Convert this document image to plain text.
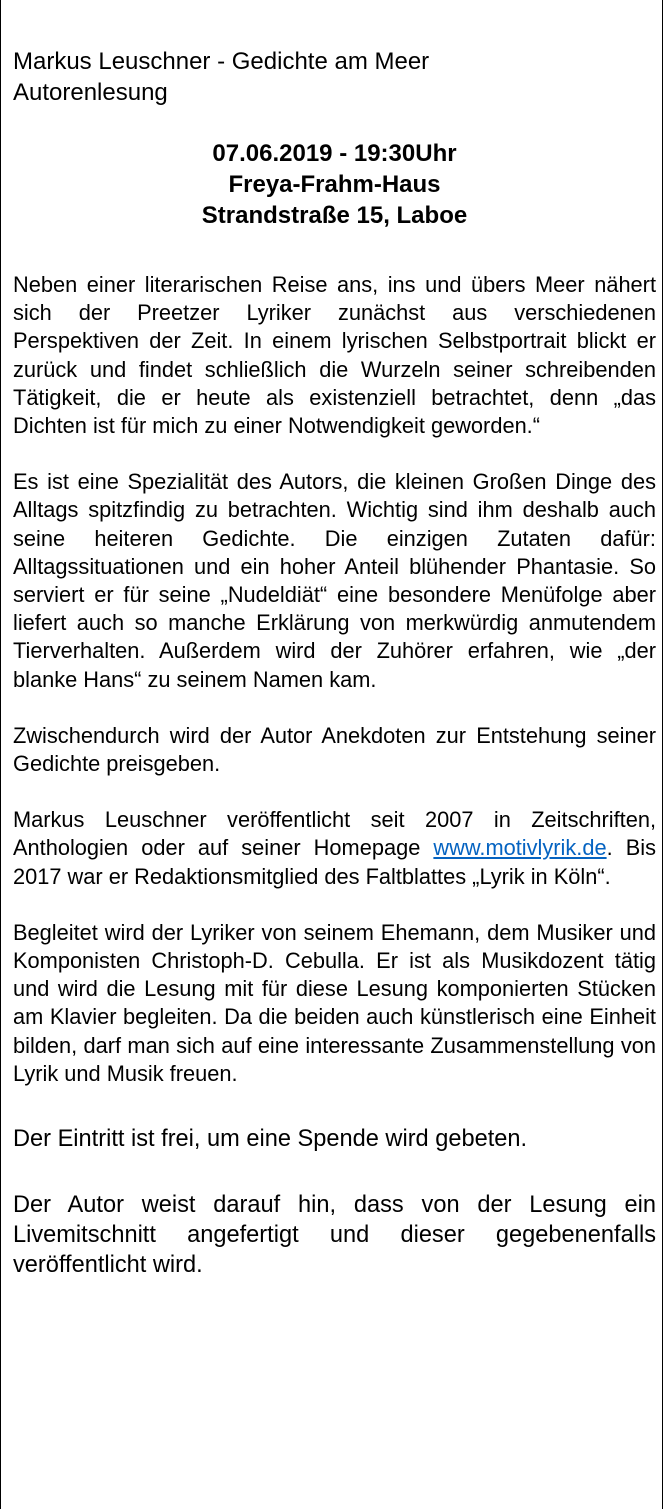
Markus Leuschner - Gedichte am Meer
Autorenlesung
07.06.2019 - 19:30Uhr
Freya-Frahm-Haus
Strandstraße 15, Laboe

Neben einer literarischen Reise ans, ins und übers Meer nähert sich der Preetzer Lyriker zunächst aus verschiedenen Perspektiven der Zeit. In einem lyrischen Selbstportrait blickt er zurück und findet schließlich die Wurzeln seiner schreibenden Tätigkeit, die er heute als existenziell betrachtet, denn „das Dichten ist für mich zu einer Notwendigkeit geworden.“

Es ist eine Spezialität des Autors, die kleinen Großen Dinge des Alltags spitzfindig zu betrachten. Wichtig sind ihm deshalb auch seine heiteren Gedichte. Die einzigen Zutaten dafür: Alltagssituationen und ein hoher Anteil blühender Phantasie. So serviert er für seine „Nudeldiät“ eine besondere Menüfolge aber liefert auch so manche Erklärung von merkwürdig anmutendem Tierverhalten. Außerdem wird der Zuhörer erfahren, wie „der blanke Hans“ zu seinem Namen kam.

Zwischendurch wird der Autor Anekdoten zur Entstehung seiner Gedichte preisgeben.

Markus Leuschner veröffentlicht seit 2007 in Zeitschriften, Anthologien oder auf seiner Homepage www.motivlyrik.de. Bis 2017 war er Redaktionsmitglied des Faltblattes „Lyrik in Köln“.

Begleitet wird der Lyriker von seinem Ehemann, dem Musiker und Komponisten Christoph-D. Cebulla. Er ist als Musikdozent tätig und wird die Lesung mit für diese Lesung komponierten Stücken am Klavier begleiten. Da die beiden auch künstlerisch eine Einheit bilden, darf man sich auf eine interessante Zusammenstellung von Lyrik und Musik freuen.

Der Eintritt ist frei, um eine Spende wird gebeten.

Der Autor weist darauf hin, dass von der Lesung ein Livemitschnitt angefertigt und dieser gegebenenfalls veröffentlicht wird.
